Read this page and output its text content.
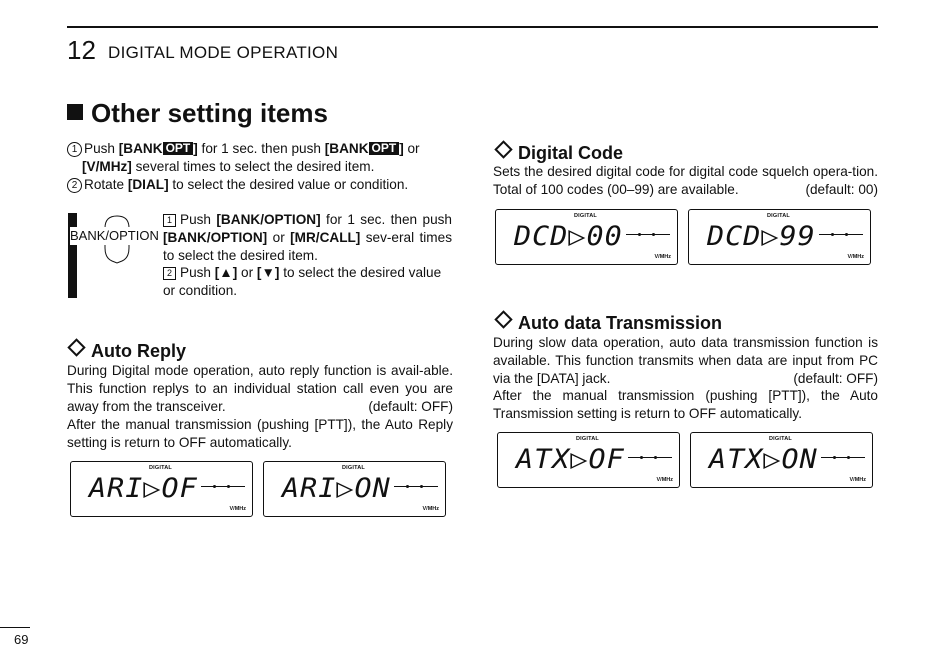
12 DIGITAL MODE OPERATION
Other setting items
1 Push [BANK OPT ] for 1 sec. then push [BANK OPT ] or
[V/MHz] several times to select the desired item.
2 Rotate [DIAL] to select the desired value or condition.
BANK/OPTION
1 Push [BANK/OPTION] for 1 sec. then push [BANK/OPTION] or [MR/CALL] sev-eral times to select the desired item.
2 Push [▲] or [▼] to select the desired value or condition.
Auto Reply
During Digital mode operation, auto reply function is avail-able. This function replys to an individual station call even you are away from the transceiver.	(default: OFF)
After the manual transmission (pushing [PTT]), the Auto Reply setting is return to OFF automatically.
DIGITAL
ARI▷OF
V/MHz
DIGITAL
ARI▷ON
V/MHz
Digital Code
Sets the desired digital code for digital code squelch opera-tion. Total of 100 codes (00–99) are available.	(default: 00)
DIGITAL
DCD▷00
V/MHz
DIGITAL
DCD▷99
V/MHz
Auto data Transmission
During slow data operation, auto data transmission function is available. This function transmits when data are input from PC via the [DATA] jack.	(default: OFF)
After the manual transmission (pushing [PTT]), the Auto Transmission setting is return to OFF automatically.
DIGITAL
ATX▷OF
V/MHz
DIGITAL
ATX▷ON
V/MHz
69
